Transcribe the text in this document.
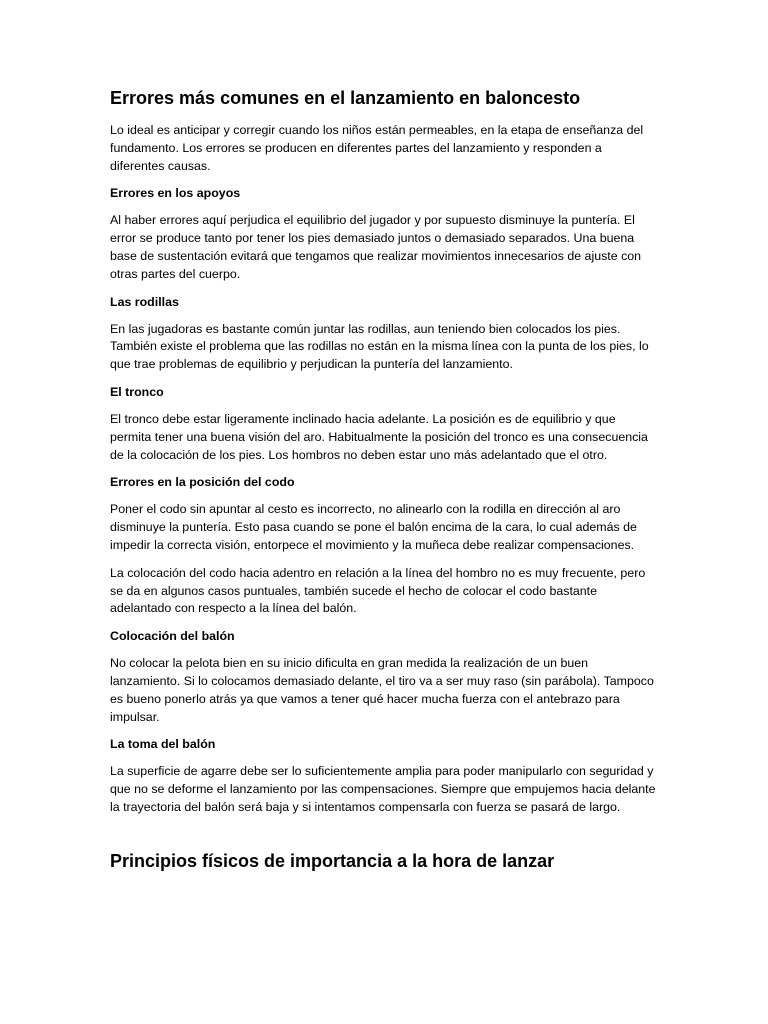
Errores más comunes en el lanzamiento en baloncesto
Lo ideal es anticipar y corregir cuando los niños están permeables, en la etapa de enseñanza del fundamento. Los errores se producen en diferentes partes del lanzamiento y responden a diferentes causas.
Errores en los apoyos
Al haber errores aquí perjudica el equilibrio del jugador y por supuesto disminuye la puntería. El error se produce tanto por tener los pies demasiado juntos o demasiado separados. Una buena base de sustentación evitará que tengamos que realizar movimientos innecesarios de ajuste con otras partes del cuerpo.
Las rodillas
En las jugadoras es bastante común juntar las rodillas, aun teniendo bien colocados los pies. También existe el problema que las rodillas no están en la misma línea con la punta de los pies, lo que trae problemas de equilibrio y perjudican la puntería del lanzamiento.
El tronco
El tronco debe estar ligeramente inclinado hacia adelante. La posición es de equilibrio y que permita tener una buena visión del aro. Habitualmente la posición del tronco es una consecuencia de la colocación de los pies. Los hombros no deben estar uno más adelantado que el otro.
Errores en la posición del codo
Poner el codo sin apuntar al cesto es incorrecto, no alinearlo con la rodilla en dirección al aro disminuye la puntería. Esto pasa cuando se pone el balón encima de la cara, lo cual además de impedir la correcta visión, entorpece el movimiento y la muñeca debe realizar compensaciones.
La colocación del codo hacia adentro en relación a la línea del hombro no es muy frecuente, pero se da en algunos casos puntuales, también sucede el hecho de colocar el codo bastante adelantado con respecto a la línea del balón.
Colocación del balón
No colocar la pelota bien en su inicio dificulta en gran medida la realización de un buen lanzamiento. Si lo colocamos demasiado delante, el tiro va a ser muy raso (sin parábola). Tampoco es bueno ponerlo atrás ya que vamos a tener qué hacer mucha fuerza con el antebrazo para impulsar.
La toma del balón
La superficie de agarre debe ser lo suficientemente amplia para poder manipularlo con seguridad y que no se deforme el lanzamiento por las compensaciones. Siempre que empujemos hacia delante la trayectoria del balón será baja y si intentamos compensarla con fuerza se pasará de largo.
Principios físicos de importancia a la hora de lanzar
